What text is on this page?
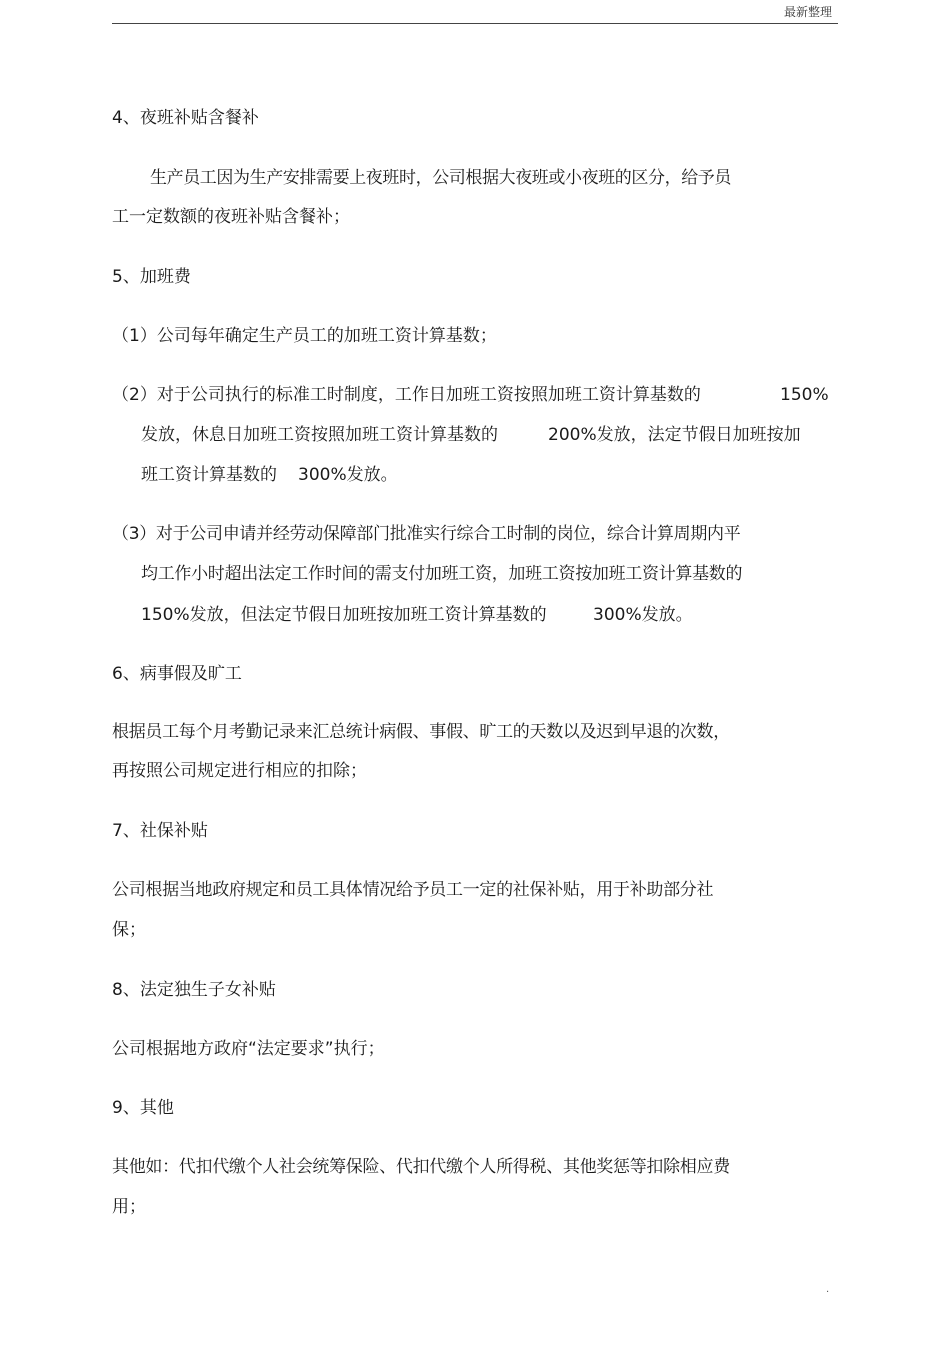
最新整理
4、夜班补贴含餐补
生产员工因为生产安排需要上夜班时，公司根据大夜班或小夜班的区分，给予员
工一定数额的夜班补贴含餐补；
5、加班费
（1）公司每年确定生产员工的加班工资计算基数；
（2）对于公司执行的标准工时制度，工作日加班工资按照加班工资计算基数的	150%
发放，休息日加班工资按照加班工资计算基数的	200%发放，法定节假日加班按加
班工资计算基数的 300%发放。
（3）对于公司申请并经劳动保障部门批准实行综合工时制的岗位，综合计算周期内平
均工作小时超出法定工作时间的需支付加班工资，加班工资按加班工资计算基数的
150%发放，但法定节假日加班按加班工资计算基数的	300%发放。
6、病事假及旷工
根据员工每个月考勤记录来汇总统计病假、事假、旷工的天数以及迟到早退的次数，
再按照公司规定进行相应的扣除；
7、社保补贴
公司根据当地政府规定和员工具体情况给予员工一定的社保补贴，用于补助部分社
保；
8、法定独生子女补贴
公司根据地方政府“法定要求”执行；
9、其他
其他如：代扣代缴个人社会统筹保险、代扣代缴个人所得税、其他奖惩等扣除相应费
用；
.
